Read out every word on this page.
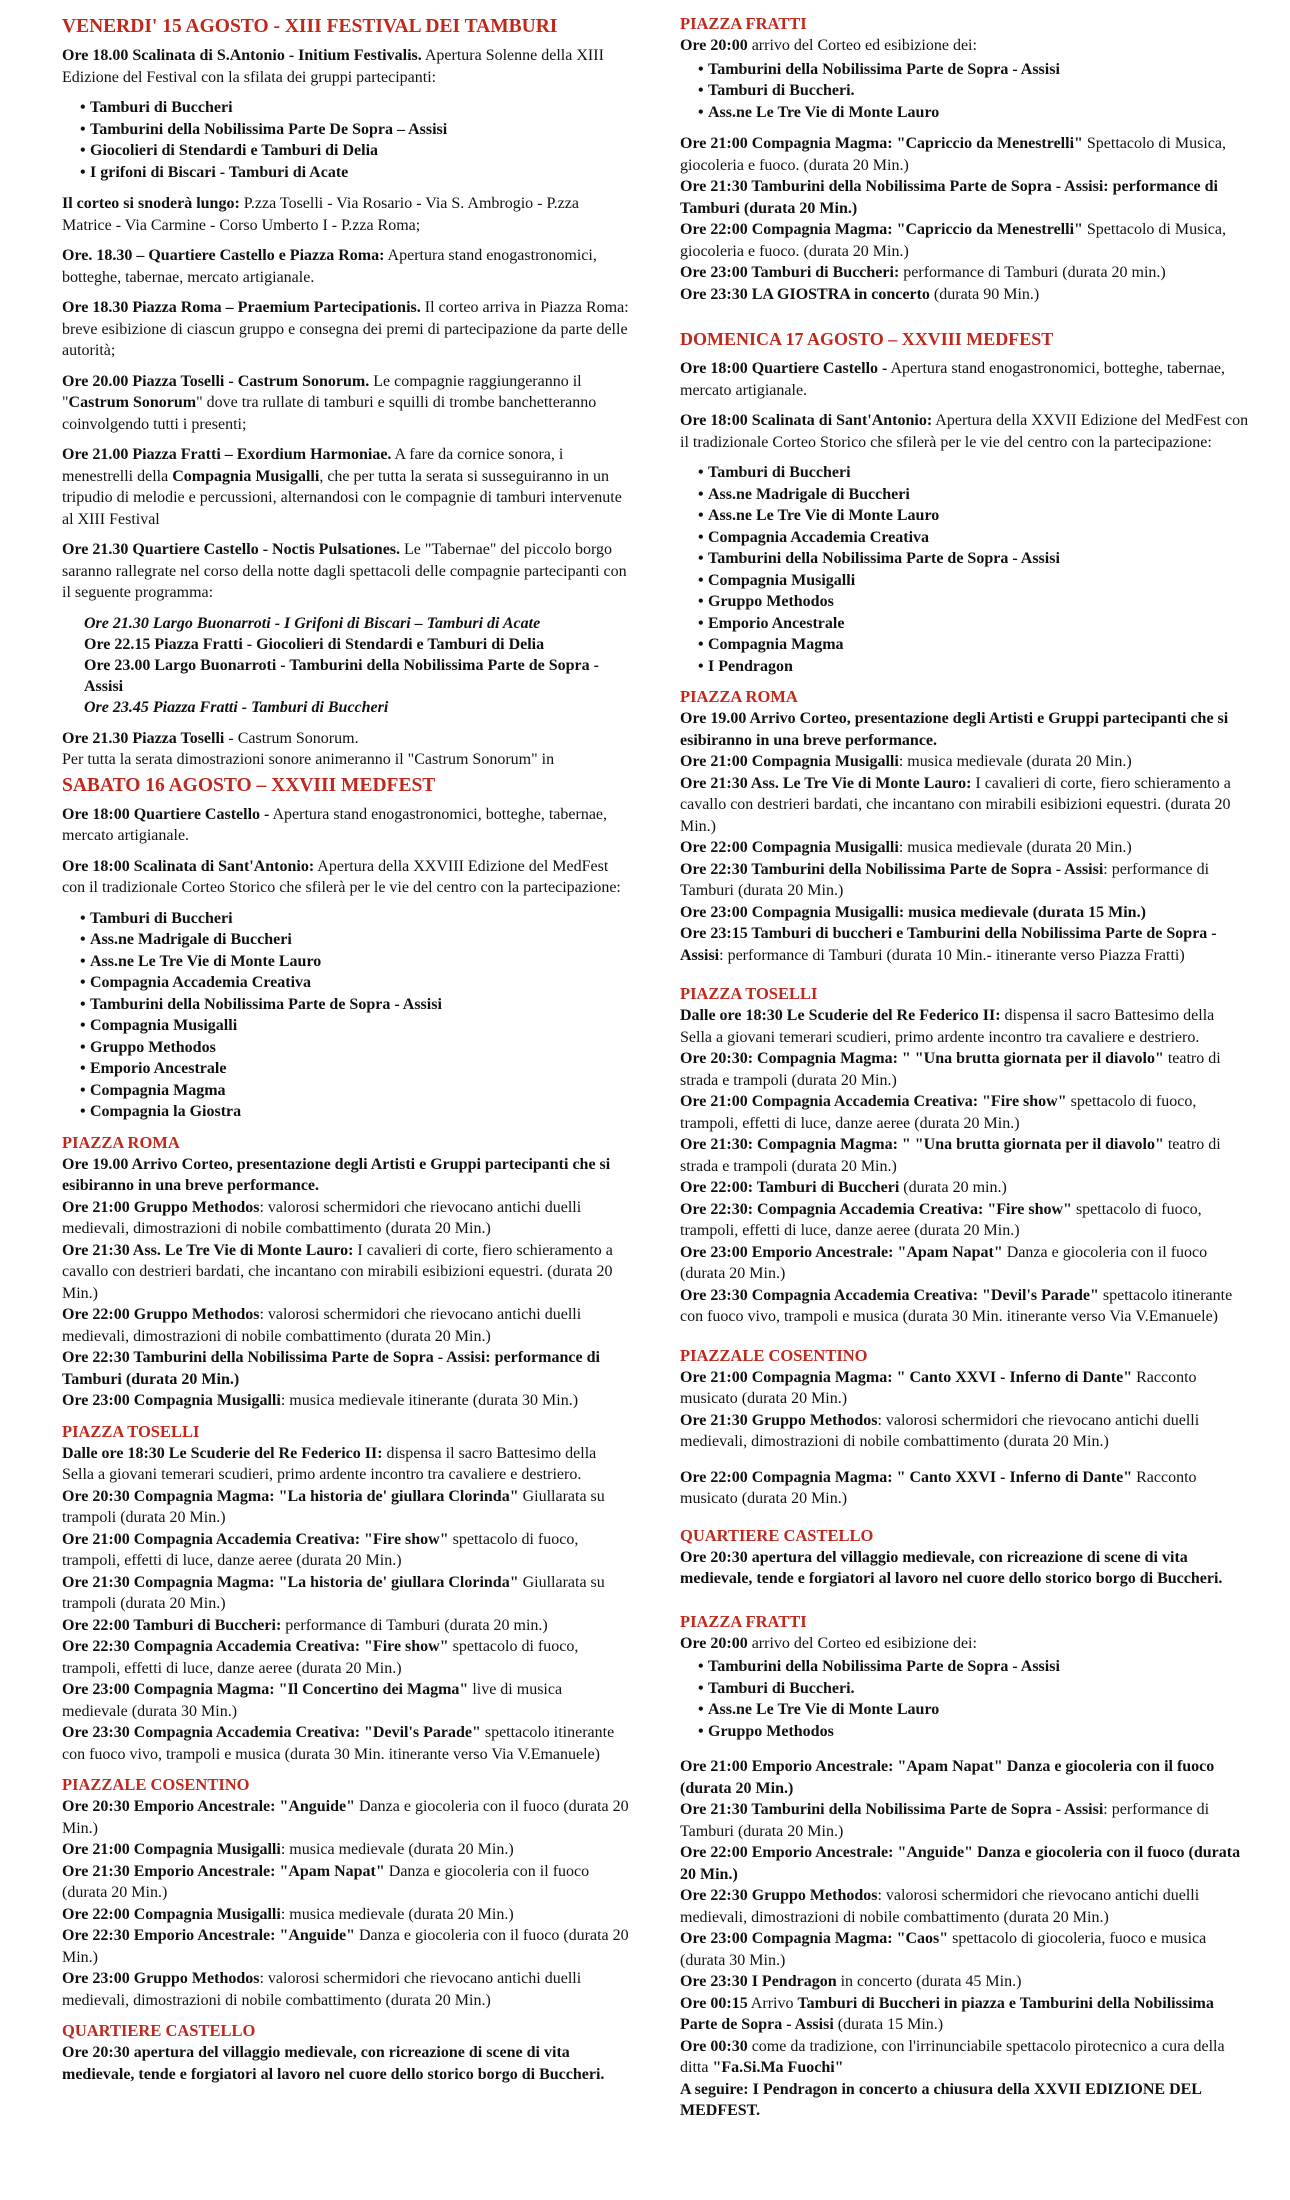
VENERDI' 15 AGOSTO - XIII FESTIVAL DEI TAMBURI

Ore 18.00 Scalinata di S.Antonio - Initium Festivalis. Apertura Solenne della XIII Edizione del Festival con la sfilata dei gruppi partecipanti:

• Tamburi di Buccheri
• Tamburini della Nobilissima Parte De Sopra – Assisi
• Giocolieri di Stendardi e Tamburi di Delia
• I grifoni di Biscari - Tamburi di Acate

Il corteo si snoderà lungo: P.zza Toselli - Via Rosario - Via S. Ambrogio - P.zza Matrice - Via Carmine - Corso Umberto I - P.zza Roma;

Ore. 18.30 – Quartiere Castello e Piazza Roma: Apertura stand enogastronomici, botteghe, tabernae, mercato artigianale.

Ore 18.30 Piazza Roma – Praemium Partecipationis. Il corteo arriva in Piazza Roma: breve esibizione di ciascun gruppo e consegna dei premi di partecipazione da parte delle autorità;

Ore 20.00 Piazza Toselli - Castrum Sonorum. Le compagnie raggiungeranno il "Castrum Sonorum" dove tra rullate di tamburi e squilli di trombe banchetteranno coinvolgendo tutti i presenti;

Ore 21.00 Piazza Fratti – Exordium Harmoniae. A fare da cornice sonora, i menestrelli della Compagnia Musigalli, che per tutta la serata si susseguiranno in un tripudio di melodie e percussioni, alternandosi con le compagnie di tamburi intervenute al XIII Festival

Ore 21.30 Quartiere Castello - Noctis Pulsationes. Le "Tabernae" del piccolo borgo saranno rallegrate nel corso della notte dagli spettacoli delle compagnie partecipanti con il seguente programma:

Ore 21.30 Largo Buonarroti - I Grifoni di Biscari – Tamburi di Acate
Ore 22.15 Piazza Fratti - Giocolieri di Stendardi e Tamburi di Delia
Ore 23.00 Largo Buonarroti - Tamburini della Nobilissima Parte de Sopra - Assisi
Ore 23.45 Piazza Fratti - Tamburi di Buccheri

Ore 21.30 Piazza Toselli - Castrum Sonorum.

Per tutta la serata dimostrazioni sonore animeranno il "Castrum Sonorum" in

SABATO 16 AGOSTO – XXVIII MEDFEST

Ore 18:00 Quartiere Castello - Apertura stand enogastronomici, botteghe, tabernae, mercato artigianale.

Ore 18:00 Scalinata di Sant'Antonio: Apertura della XXVIII Edizione del MedFest con il tradizionale Corteo Storico che sfilerà per le vie del centro con la partecipazione:

• Tamburi di Buccheri
• Ass.ne Madrigale di Buccheri
• Ass.ne Le Tre Vie di Monte Lauro
• Compagnia Accademia Creativa
• Tamburini della Nobilissima Parte de Sopra - Assisi
• Compagnia Musigalli
• Gruppo Methodos
• Emporio Ancestrale
• Compagnia Magma
• Compagnia la Giostra
PIAZZA ROMA

Ore 19.00 Arrivo Corteo, presentazione degli Artisti e Gruppi partecipanti che si esibiranno in una breve performance.

Ore 21:00 Gruppo Methodos: valorosi schermidori che rievocano antichi duelli medievali, dimostrazioni di nobile combattimento (durata 20 Min.)

Ore 21:30 Ass. Le Tre Vie di Monte Lauro: I cavalieri di corte, fiero schieramento a cavallo con destrieri bardati, che incantano con mirabili esibizioni equestri. (durata 20 Min.)

Ore 22:00 Gruppo Methodos: valorosi schermidori che rievocano antichi duelli medievali, dimostrazioni di nobile combattimento (durata 20 Min.)

Ore 22:30 Tamburini della Nobilissima Parte de Sopra - Assisi: performance di Tamburi (durata 20 Min.)

Ore 23:00 Compagnia Musigalli: musica medievale itinerante (durata 30 Min.)

PIAZZA TOSELLI

Dalle ore 18:30 Le Scuderie del Re Federico II: dispensa il sacro Battesimo della Sella a giovani temerari scudieri, primo ardente incontro tra cavaliere e destriero.

Ore 20:30 Compagnia Magma: "La historia de' giullara Clorinda" Giullarata su trampoli (durata 20 Min.)

Ore 21:00 Compagnia Accademia Creativa: "Fire show" spettacolo di fuoco, trampoli, effetti di luce, danze aeree (durata 20 Min.)

Ore 21:30 Compagnia Magma: "La historia de' giullara Clorinda" Giullarata su trampoli (durata 20 Min.)

Ore 22:00 Tamburi di Buccheri: performance di Tamburi (durata 20 min.)

Ore 22:30 Compagnia Accademia Creativa: "Fire show" spettacolo di fuoco, trampoli, effetti di luce, danze aeree (durata 20 Min.)

Ore 23:00 Compagnia Magma: "Il Concertino dei Magma" live di musica medievale (durata 30 Min.)

Ore 23:30 Compagnia Accademia Creativa: "Devil's Parade" spettacolo itinerante con fuoco vivo, trampoli e musica (durata 30 Min. itinerante verso Via V.Emanuele)

PIAZZALE COSENTINO

Ore 20:30 Emporio Ancestrale: "Anguide" Danza e giocoleria con il fuoco (durata 20 Min.)

Ore 21:00 Compagnia Musigalli: musica medievale (durata 20 Min.)

Ore 21:30 Emporio Ancestrale: "Apam Napat" Danza e giocoleria con il fuoco (durata 20 Min.)

Ore 22:00 Compagnia Musigalli: musica medievale (durata 20 Min.)

Ore 22:30 Emporio Ancestrale: "Anguide" Danza e giocoleria con il fuoco (durata 20 Min.)

Ore 23:00 Gruppo Methodos: valorosi schermidori che rievocano antichi duelli medievali, dimostrazioni di nobile combattimento (durata 20 Min.)

QUARTIERE CASTELLO

Ore 20:30 apertura del villaggio medievale, con ricreazione di scene di vita medievale, tende e forgiatori al lavoro nel cuore dello storico borgo di Buccheri.

PIAZZA FRATTI

Ore 20:00 arrivo del Corteo ed esibizione dei:

• Tamburini della Nobilissima Parte de Sopra - Assisi
• Tamburi di Buccheri.
• Ass.ne Le Tre Vie di Monte Lauro

Ore 21:00 Compagnia Magma: "Capriccio da Menestrelli" Spettacolo di Musica, giocoleria e fuoco. (durata 20 Min.)

Ore 21:30 Tamburini della Nobilissima Parte de Sopra - Assisi: performance di Tamburi (durata 20 Min.)

Ore 22:00 Compagnia Magma: "Capriccio da Menestrelli" Spettacolo di Musica, giocoleria e fuoco. (durata 20 Min.)

Ore 23:00 Tamburi di Buccheri: performance di Tamburi (durata 20 min.)

Ore 23:30 LA GIOSTRA in concerto (durata 90 Min.)

DOMENICA 17 AGOSTO – XXVIII MEDFEST

Ore 18:00 Quartiere Castello - Apertura stand enogastronomici, botteghe, tabernae, mercato artigianale.

Ore 18:00 Scalinata di Sant'Antonio: Apertura della XXVII Edizione del MedFest con il tradizionale Corteo Storico che sfilerà per le vie del centro con la partecipazione:

• Tamburi di Buccheri
• Ass.ne Madrigale di Buccheri
• Ass.ne Le Tre Vie di Monte Lauro
• Compagnia Accademia Creativa
• Tamburini della Nobilissima Parte de Sopra - Assisi
• Compagnia Musigalli
• Gruppo Methodos
• Emporio Ancestrale
• Compagnia Magma
• I Pendragon
PIAZZA ROMA

Ore 19.00 Arrivo Corteo, presentazione degli Artisti e Gruppi partecipanti che si esibiranno in una breve performance.

Ore 21:00 Compagnia Musigalli: musica medievale (durata 20 Min.)

Ore 21:30 Ass. Le Tre Vie di Monte Lauro: I cavalieri di corte, fiero schieramento a cavallo con destrieri bardati, che incantano con mirabili esibizioni equestri. (durata 20 Min.)

Ore 22:00 Compagnia Musigalli: musica medievale (durata 20 Min.)

Ore 22:30 Tamburini della Nobilissima Parte de Sopra - Assisi: performance di Tamburi (durata 20 Min.)

Ore 23:00 Compagnia Musigalli: musica medievale (durata 15 Min.)

Ore 23:15 Tamburi di buccheri e Tamburini della Nobilissima Parte de Sopra - Assisi: performance di Tamburi (durata 10 Min.- itinerante verso Piazza Fratti)

PIAZZA TOSELLI

Dalle ore 18:30 Le Scuderie del Re Federico II: dispensa il sacro Battesimo della Sella a giovani temerari scudieri, primo ardente incontro tra cavaliere e destriero.

Ore 20:30: Compagnia Magma: " "Una brutta giornata per il diavolo" teatro di strada e trampoli (durata 20 Min.)

Ore 21:00 Compagnia Accademia Creativa: "Fire show" spettacolo di fuoco, trampoli, effetti di luce, danze aeree (durata 20 Min.)

Ore 21:30: Compagnia Magma: " "Una brutta giornata per il diavolo" teatro di strada e trampoli (durata 20 Min.)

Ore 22:00: Tamburi di Buccheri (durata 20 min.)

Ore 22:30: Compagnia Accademia Creativa: "Fire show" spettacolo di fuoco, trampoli, effetti di luce, danze aeree (durata 20 Min.)

Ore 23:00 Emporio Ancestrale: "Apam Napat" Danza e giocoleria con il fuoco (durata 20 Min.)

Ore 23:30 Compagnia Accademia Creativa: "Devil's Parade" spettacolo itinerante con fuoco vivo, trampoli e musica (durata 30 Min. itinerante verso Via V.Emanuele)

PIAZZALE COSENTINO

Ore 21:00 Compagnia Magma: " Canto XXVI - Inferno di Dante" Racconto musicato (durata 20 Min.)

Ore 21:30 Gruppo Methodos: valorosi schermidori che rievocano antichi duelli medievali, dimostrazioni di nobile combattimento (durata 20 Min.)

Ore 22:00 Compagnia Magma: " Canto XXVI - Inferno di Dante" Racconto musicato (durata 20 Min.)

QUARTIERE CASTELLO

Ore 20:30 apertura del villaggio medievale, con ricreazione di scene di vita medievale, tende e forgiatori al lavoro nel cuore dello storico borgo di Buccheri.

PIAZZA FRATTI

Ore 20:00 arrivo del Corteo ed esibizione dei:

• Tamburini della Nobilissima Parte de Sopra - Assisi
• Tamburi di Buccheri.
• Ass.ne Le Tre Vie di Monte Lauro
• Gruppo Methodos

Ore 21:00 Emporio Ancestrale: "Apam Napat" Danza e giocoleria con il fuoco (durata 20 Min.)

Ore 21:30 Tamburini della Nobilissima Parte de Sopra - Assisi: performance di Tamburi (durata 20 Min.)

Ore 22:00 Emporio Ancestrale: "Anguide" Danza e giocoleria con il fuoco (durata 20 Min.)

Ore 22:30 Gruppo Methodos: valorosi schermidori che rievocano antichi duelli medievali, dimostrazioni di nobile combattimento (durata 20 Min.)

Ore 23:00 Compagnia Magma: "Caos" spettacolo di giocoleria, fuoco e musica (durata 30 Min.)

Ore 23:30 I Pendragon in concerto (durata 45 Min.)

Ore 00:15 Arrivo Tamburi di Buccheri in piazza e Tamburini della Nobilissima Parte de Sopra - Assisi (durata 15 Min.)

Ore 00:30 come da tradizione, con l'irrinunciabile spettacolo pirotecnico a cura della ditta "Fa.Si.Ma Fuochi"

A seguire: I Pendragon in concerto a chiusura della XXVII EDIZIONE DEL MEDFEST.
